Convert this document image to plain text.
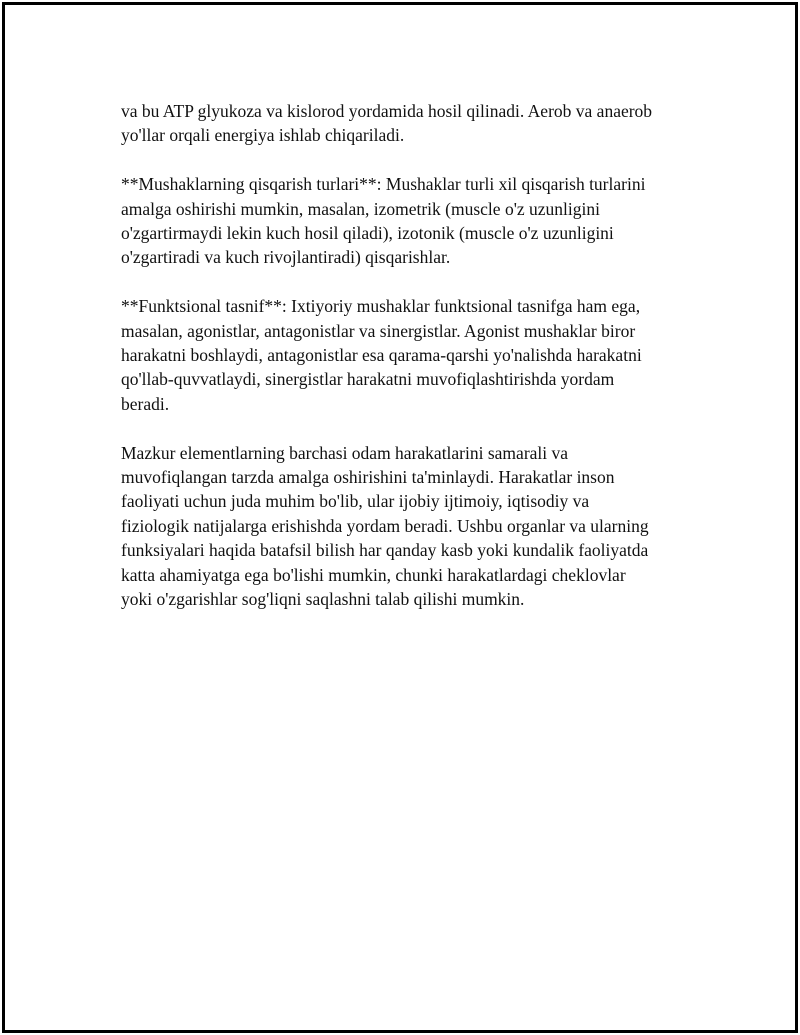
va bu ATP glyukoza va kislorod yordamida hosil qilinadi. Aerob va anaerob
yo'llar orqali energiya ishlab chiqariladi.

**Mushaklarning qisqarish turlari**: Mushaklar turli xil qisqarish turlarini
amalga oshirishi mumkin, masalan, izometrik (muscle o'z uzunligini
o'zgartirmaydi lekin kuch hosil qiladi), izotonik (muscle o'z uzunligini
o'zgartiradi va kuch rivojlantiradi) qisqarishlar.

**Funktsional tasnif**: Ixtiyoriy mushaklar funktsional tasnifga ham ega,
masalan, agonistlar, antagonistlar va sinergistlar. Agonist mushaklar biror
harakatni boshlaydi, antagonistlar esa qarama-qarshi yo'nalishda harakatni
qo'llab-quvvatlaydi, sinergistlar harakatni muvofiqlashtirishda yordam
beradi.

Mazkur elementlarning barchasi odam harakatlarini samarali va
muvofiqlangan tarzda amalga oshirishini ta'minlaydi. Harakatlar inson
faoliyati uchun juda muhim bo'lib, ular ijobiy ijtimoiy, iqtisodiy va
fiziologik natijalarga erishishda yordam beradi. Ushbu organlar va ularning
funksiyalari haqida batafsil bilish har qanday kasb yoki kundalik faoliyatda
katta ahamiyatga ega bo'lishi mumkin, chunki harakatlardagi cheklovlar
yoki o'zgarishlar sog'liqni saqlashni talab qilishi mumkin.
